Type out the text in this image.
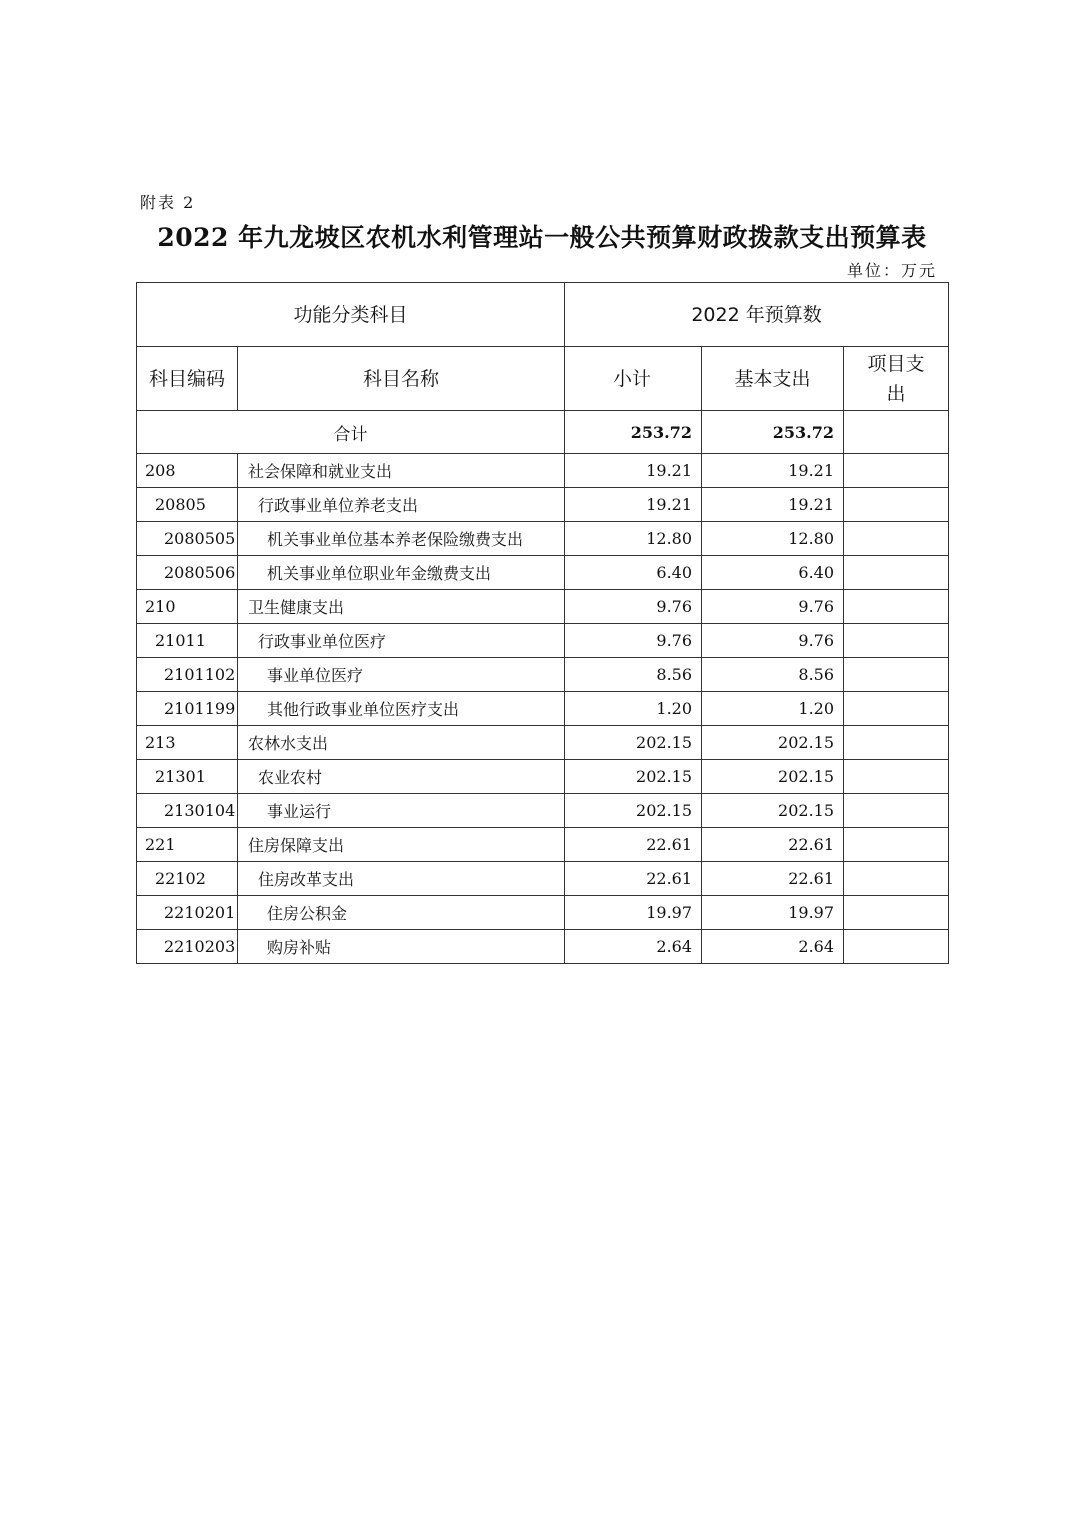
附表 2
2022 年九龙坡区农机水利管理站一般公共预算财政拨款支出预算表
单位：万元
功能分类科目		2022 年预算数		
科目编码	科目名称	小计	基本支出	项目支出
合计		253.72	253.72	
208	社会保障和就业支出	19.21	19.21	
20805	行政事业单位养老支出	19.21	19.21	
2080505	机关事业单位基本养老保险缴费支出	12.80	12.80	
2080506	机关事业单位职业年金缴费支出	6.40	6.40	
210	卫生健康支出	9.76	9.76	
21011	行政事业单位医疗	9.76	9.76	
2101102	事业单位医疗	8.56	8.56	
2101199	其他行政事业单位医疗支出	1.20	1.20	
213	农林水支出	202.15	202.15	
21301	农业农村	202.15	202.15	
2130104	事业运行	202.15	202.15	
221	住房保障支出	22.61	22.61	
22102	住房改革支出	22.61	22.61	
2210201	住房公积金	19.97	19.97	
2210203	购房补贴	2.64	2.64	
